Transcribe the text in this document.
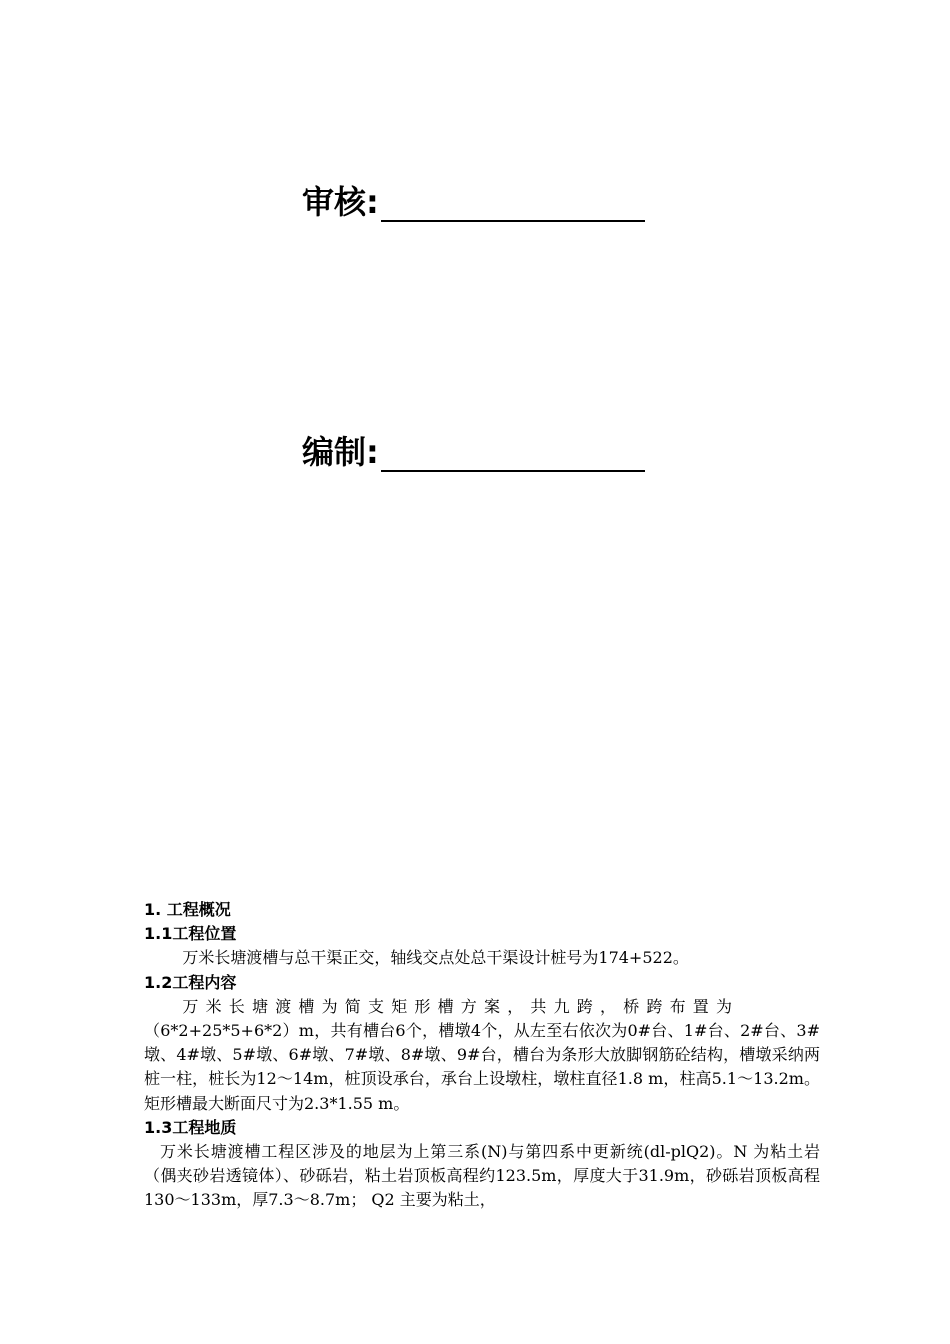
审核:
编制:
1. 工程概况
1.1工程位置
万米长塘渡槽与总干渠正交，轴线交点处总干渠设计桩号为174+522。
1.2工程内容
万米长塘渡槽为简支矩形槽方案，共九跨，桥跨布置为
（6*2+25*5+6*2）m，共有槽台6个，槽墩4个，从左至右依次为0#台、1#台、2#台、3#墩、4#墩、5#墩、6#墩、7#墩、8#墩、9#台，槽台为条形大放脚钢筋砼结构，槽墩采纳两桩一柱，桩长为12～14m，桩顶设承台，承台上设墩柱，墩柱直径1.8 m，柱高5.1～13.2m。矩形槽最大断面尺寸为2.3*1.55 m。
1.3工程地质
万米长塘渡槽工程区涉及的地层为上第三系(N)与第四系中更新统(dl-plQ2)。N 为粘土岩（偶夹砂岩透镜体）、砂砾岩，粘土岩顶板高程约123.5m，厚度大于31.9m，砂砾岩顶板高程130～133m，厚7.3～8.7m； Q2 主要为粘土，
